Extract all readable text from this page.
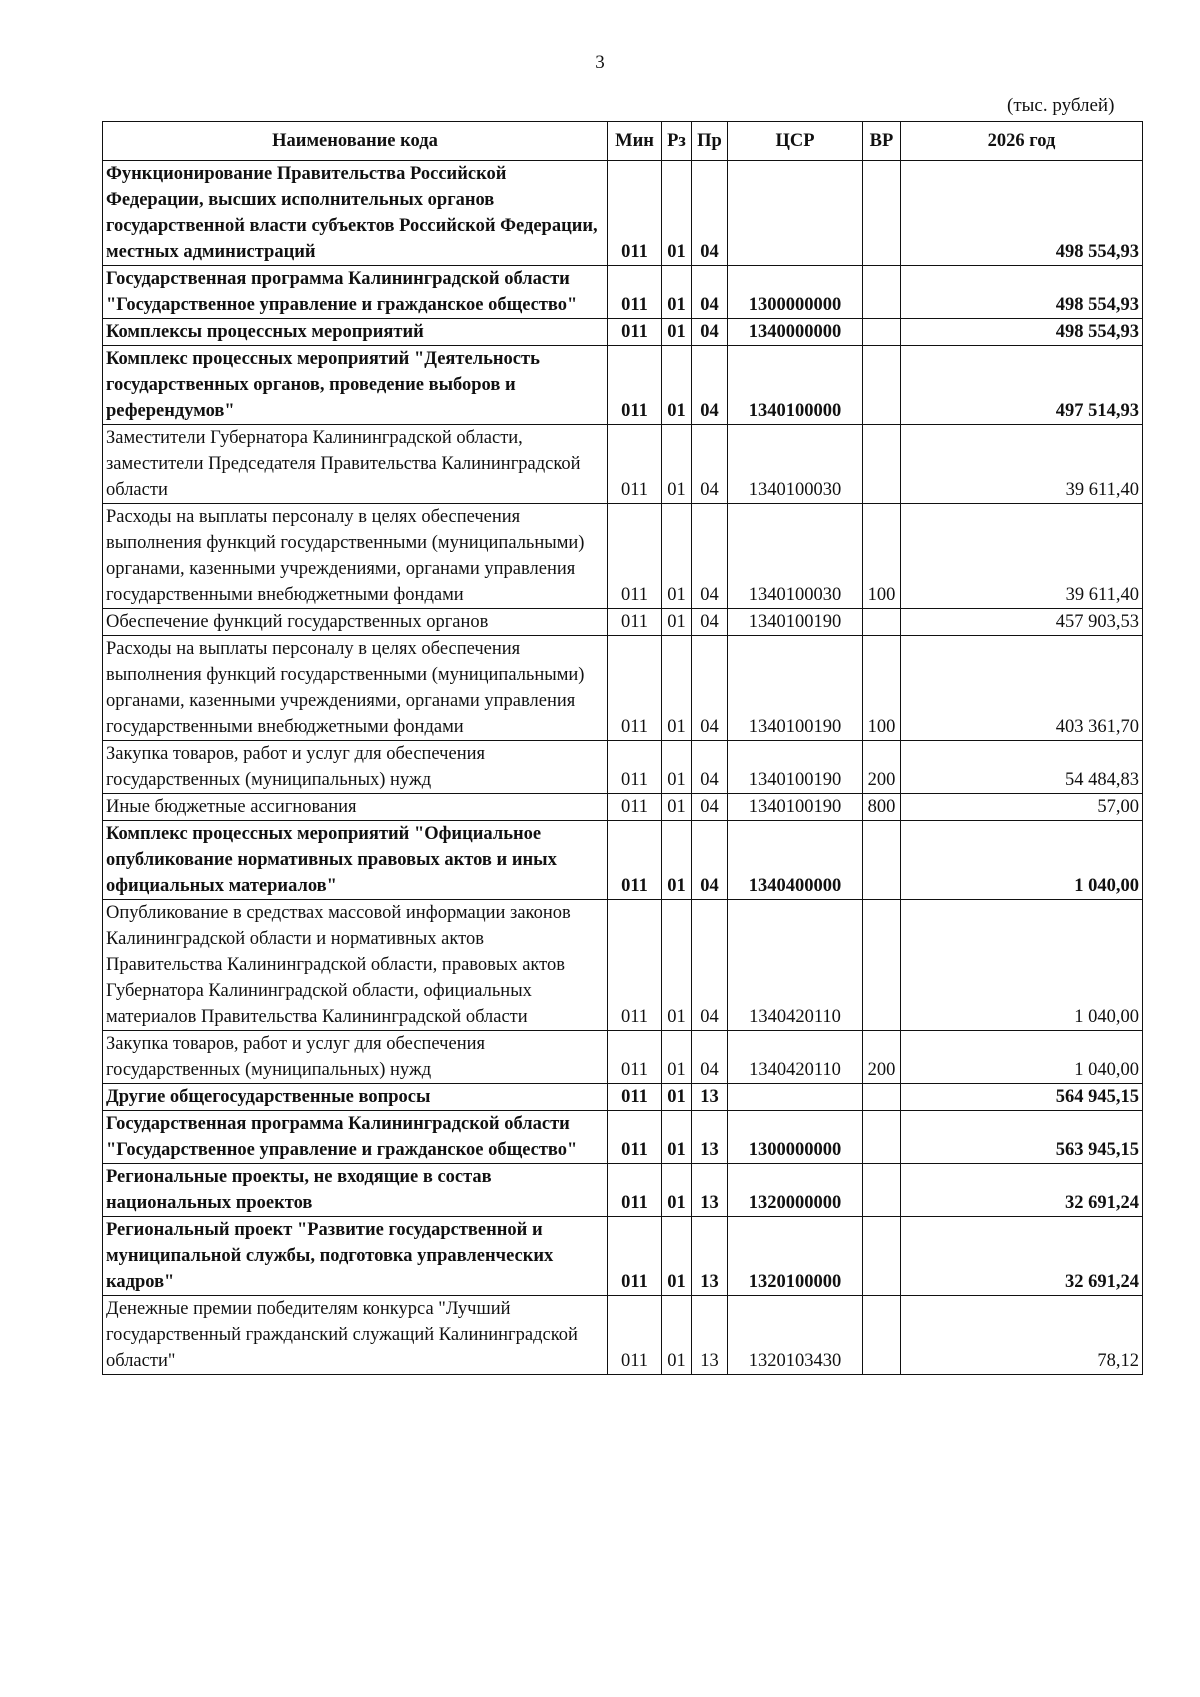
3
(тыс. рублей)
Наименование кода	Мин	Рз	Пр	ЦСР	ВР	2026 год
Функционирование Правительства Российской Федерации, высших исполнительных органов государственной власти субъектов Российской Федерации, местных администраций	011	01	04			498 554,93
Государственная программа Калининградской области "Государственное управление и гражданское общество"	011	01	04	1300000000		498 554,93
Комплексы процессных мероприятий	011	01	04	1340000000		498 554,93
Комплекс процессных мероприятий "Деятельность государственных органов, проведение выборов и референдумов"	011	01	04	1340100000		497 514,93
Заместители Губернатора Калининградской области, заместители Председателя Правительства Калининградской области	011	01	04	1340100030		39 611,40
Расходы на выплаты персоналу в целях обеспечения выполнения функций государственными (муниципальными) органами, казенными учреждениями, органами управления государственными внебюджетными фондами	011	01	04	1340100030	100	39 611,40
Обеспечение функций государственных органов	011	01	04	1340100190		457 903,53
Расходы на выплаты персоналу в целях обеспечения выполнения функций государственными (муниципальными) органами, казенными учреждениями, органами управления государственными внебюджетными фондами	011	01	04	1340100190	100	403 361,70
Закупка товаров, работ и услуг для обеспечения государственных (муниципальных) нужд	011	01	04	1340100190	200	54 484,83
Иные бюджетные ассигнования	011	01	04	1340100190	800	57,00
Комплекс процессных мероприятий "Официальное опубликование нормативных правовых актов и иных официальных материалов"	011	01	04	1340400000		1 040,00
Опубликование в средствах массовой информации законов Калининградской области и нормативных актов Правительства Калининградской области, правовых актов Губернатора Калининградской области, официальных материалов Правительства Калининградской области	011	01	04	1340420110		1 040,00
Закупка товаров, работ и услуг для обеспечения государственных (муниципальных) нужд	011	01	04	1340420110	200	1 040,00
Другие общегосударственные вопросы	011	01	13			564 945,15
Государственная программа Калининградской области "Государственное управление и гражданское общество"	011	01	13	1300000000		563 945,15
Региональные проекты, не входящие в состав национальных проектов	011	01	13	1320000000		32 691,24
Региональный проект "Развитие государственной и муниципальной службы, подготовка управленческих кадров"	011	01	13	1320100000		32 691,24
Денежные премии победителям конкурса "Лучший государственный гражданский служащий Калининградской области"	011	01	13	1320103430		78,12
